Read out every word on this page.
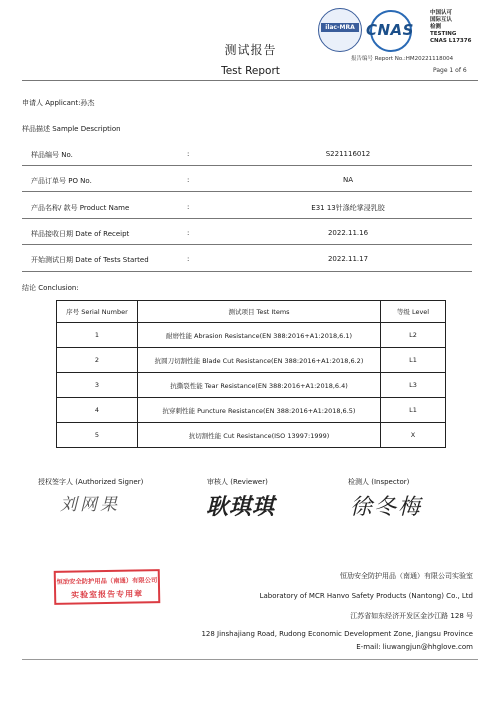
ilac-MRA CNAS
中国认可
国际互认
检测
TESTING
CNAS L17376
测试报告
报告编号 Report No.:HM20221118004
Test Report	Page 1 of 6
申请人 Applicant:孙杰
样品描述 Sample Description
样品编号 No.	:	S221116012
产品订单号 PO No.	:	NA
产品名称/ 款号 Product Name	:	E31 13针涤纶掌浸乳胶
样品接收日期 Date of Receipt	:	2022.11.16
开始测试日期 Date of Tests Started	:	2022.11.17
结论 Conclusion:
序号 Serial Number	测试项目 Test Items	等级 Level
1	耐磨性能 Abrasion Resistance(EN 388:2016+A1:2018,6.1)	L2
2	抗圆刀切割性能 Blade Cut Resistance(EN 388:2016+A1:2018,6.2)	L1
3	抗撕裂性能 Tear Resistance(EN 388:2016+A1:2018,6.4)	L3
4	抗穿刺性能 Puncture Resistance(EN 388:2016+A1:2018,6.5)	L1
5	抗切割性能 Cut Resistance(ISO 13997:1999)	X
授权签字人 (Authorized Signer)	审核人 (Reviewer)	检测人 (Inspector)
刘网果	耿琪琪	徐冬梅
恒劢安全防护用品（南通）有限公司
实验室报告专用章
恒劢安全防护用品（南通）有限公司实验室
Laboratory of MCR Hanvo Safety Products (Nantong) Co., Ltd
江苏省如东经济开发区金沙江路 128 号
128 Jinshajiang Road, Rudong Economic Development Zone, Jiangsu Province
E-mail: liuwangjun@hhglove.com
